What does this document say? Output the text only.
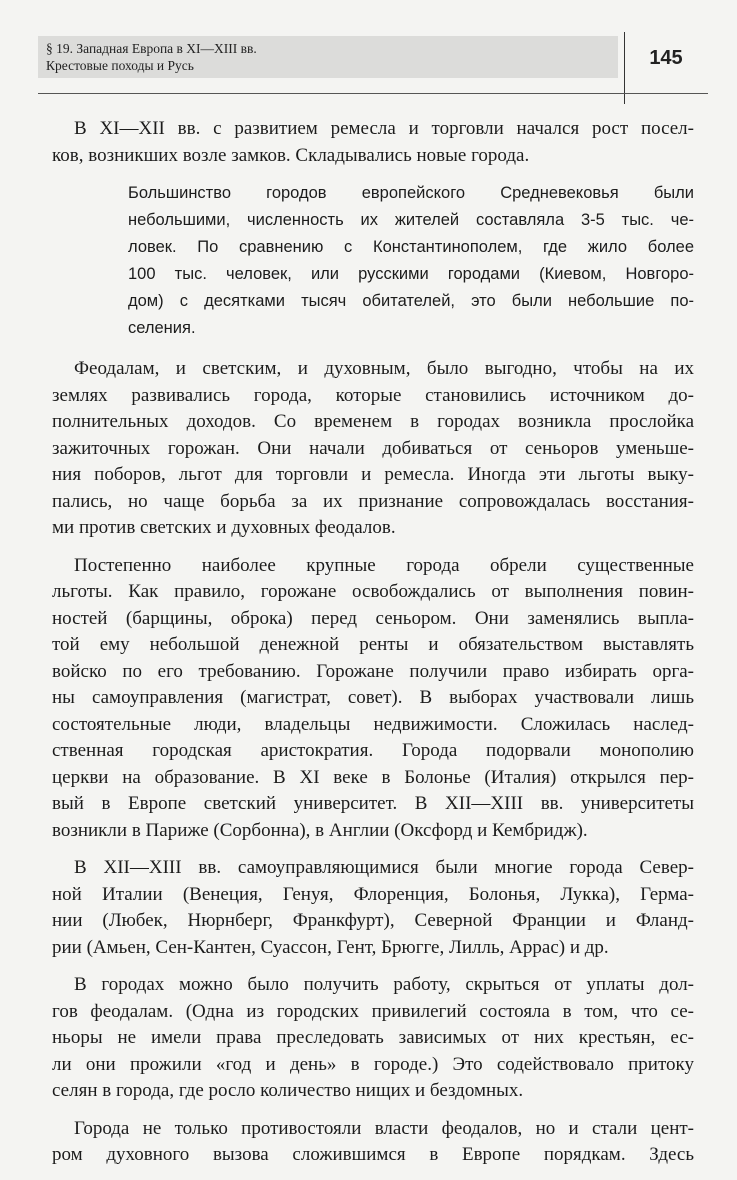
§ 19. Западная Европа в XI—XIII вв.
Крестовые походы и Русь	145
В XI—XII вв. с развитием ремесла и торговли начался рост посел-
ков, возникших возле замков. Складывались новые города.
Большинство городов европейского Средневековья были
небольшими, численность их жителей составляла 3-5 тыс. че-
ловек. По сравнению с Константинополем, где жило более
100 тыс. человек, или русскими городами (Киевом, Новгоро-
дом) с десятками тысяч обитателей, это были небольшие по-
селения.
Феодалам, и светским, и духовным, было выгодно, чтобы на их
землях развивались города, которые становились источником до-
полнительных доходов. Со временем в городах возникла прослойка
зажиточных горожан. Они начали добиваться от сеньоров уменьше-
ния поборов, льгот для торговли и ремесла. Иногда эти льготы выку-
пались, но чаще борьба за их признание сопровождалась восстания-
ми против светских и духовных феодалов.
Постепенно наиболее крупные города обрели существенные
льготы. Как правило, горожане освобождались от выполнения повин-
ностей (барщины, оброка) перед сеньором. Они заменялись выпла-
той ему небольшой денежной ренты и обязательством выставлять
войско по его требованию. Горожане получили право избирать орга-
ны самоуправления (магистрат, совет). В выборах участвовали лишь
состоятельные люди, владельцы недвижимости. Сложилась наслед-
ственная городская аристократия. Города подорвали монополию
церкви на образование. В XI веке в Болонье (Италия) открылся пер-
вый в Европе светский университет. В XII—XIII вв. университеты
возникли в Париже (Сорбонна), в Англии (Оксфорд и Кембридж).
В XII—XIII вв. самоуправляющимися были многие города Север-
ной Италии (Венеция, Генуя, Флоренция, Болонья, Лукка), Герма-
нии (Любек, Нюрнберг, Франкфурт), Северной Франции и Фланд-
рии (Амьен, Сен-Кантен, Суассон, Гент, Брюгге, Лилль, Аррас) и др.
В городах можно было получить работу, скрыться от уплаты дол-
гов феодалам. (Одна из городских привилегий состояла в том, что се-
ньоры не имели права преследовать зависимых от них крестьян, ес-
ли они прожили «год и день» в городе.) Это содействовало притоку
селян в города, где росло количество нищих и бездомных.
Города не только противостояли власти феодалов, но и стали цент-
ром духовного вызова сложившимся в Европе порядкам. Здесь
